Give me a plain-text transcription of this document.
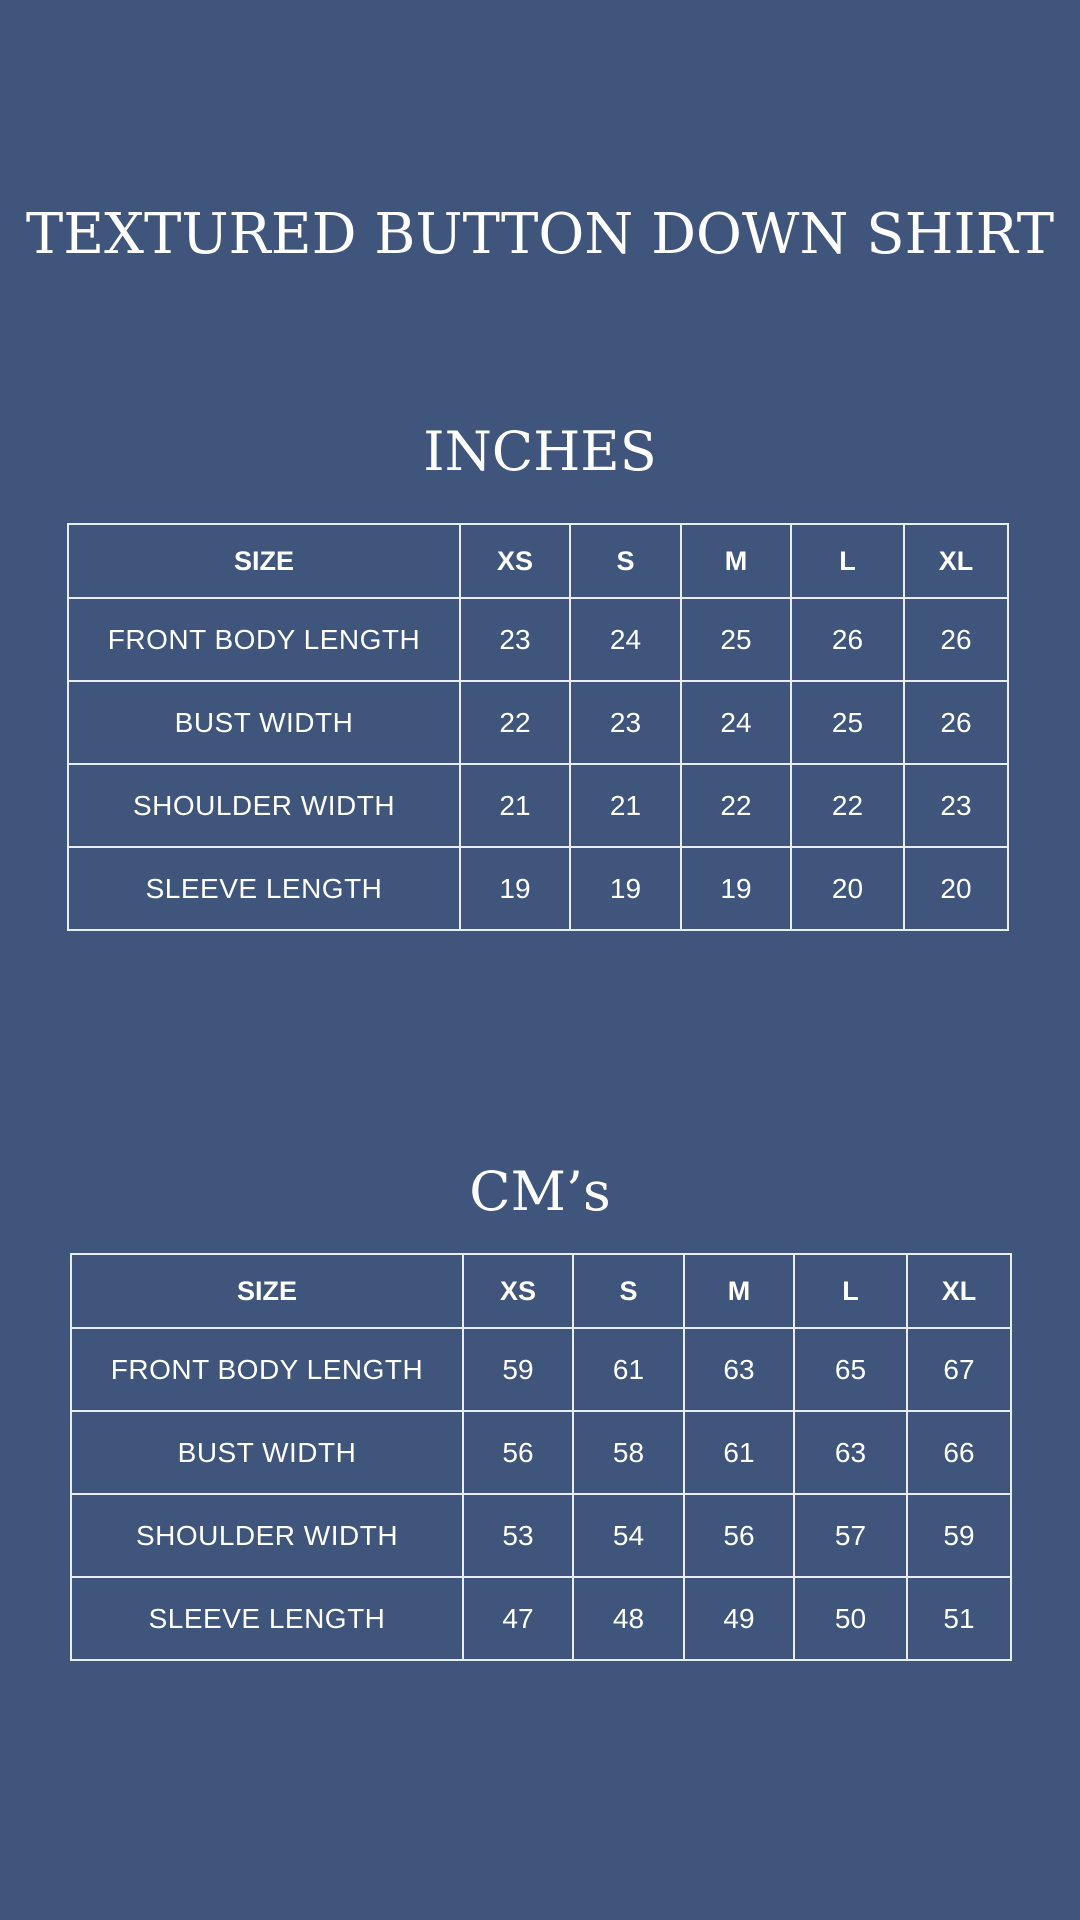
TEXTURED BUTTON DOWN SHIRT
INCHES
SIZE	XS	S	M	L	XL
FRONT BODY LENGTH	23	24	25	26	26
BUST WIDTH	22	23	24	25	26
SHOULDER WIDTH	21	21	22	22	23
SLEEVE LENGTH	19	19	19	20	20
CM’s
SIZE	XS	S	M	L	XL
FRONT BODY LENGTH	59	61	63	65	67
BUST WIDTH	56	58	61	63	66
SHOULDER WIDTH	53	54	56	57	59
SLEEVE LENGTH	47	48	49	50	51
